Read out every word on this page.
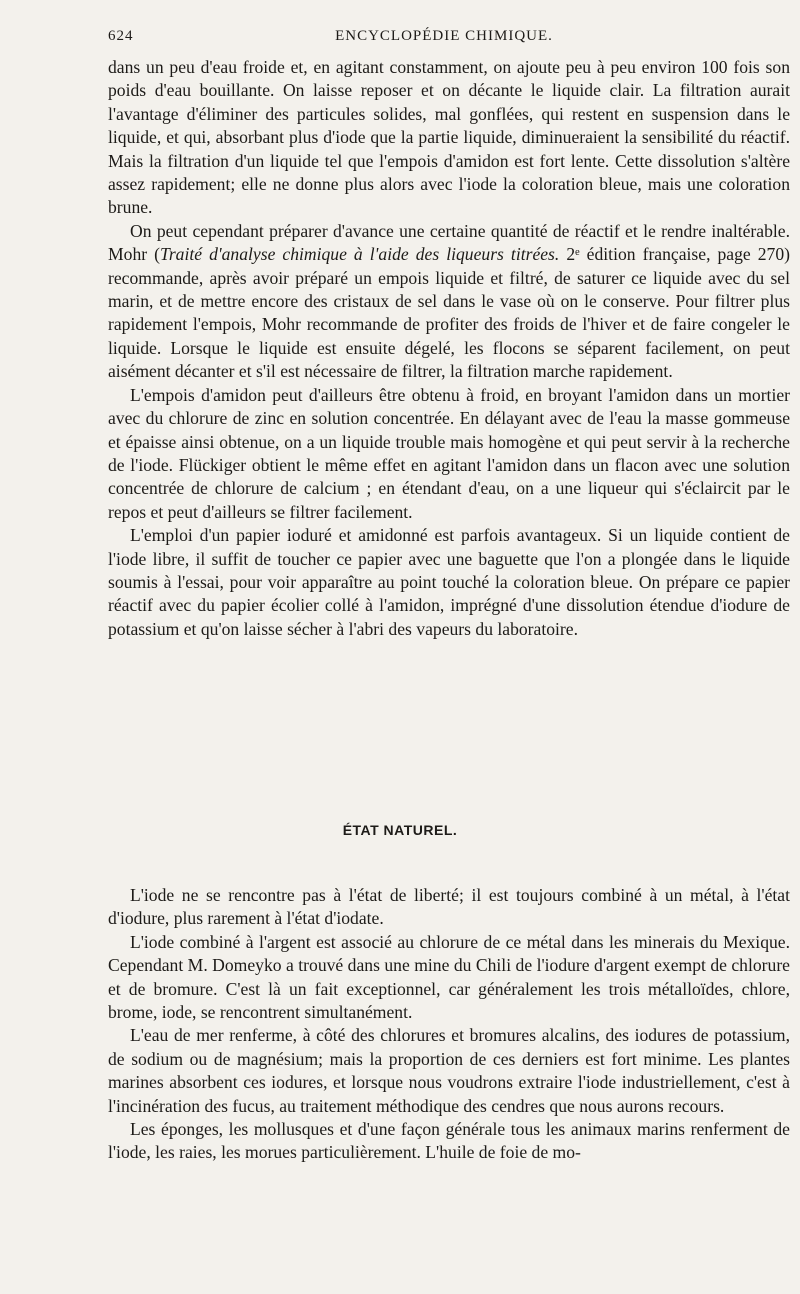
624	ENCYCLOPÉDIE CHIMIQUE.

dans un peu d'eau froide et, en agitant constamment, on ajoute peu à peu environ 100 fois son poids d'eau bouillante. On laisse reposer et on décante le liquide clair. La filtration aurait l'avantage d'éliminer des particules solides, mal gonflées, qui restent en suspension dans le liquide, et qui, absorbant plus d'iode que la partie liquide, diminueraient la sensibilité du réactif. Mais la filtration d'un liquide tel que l'empois d'amidon est fort lente. Cette dissolution s'altère assez rapidement; elle ne donne plus alors avec l'iode la coloration bleue, mais une coloration brune.

On peut cependant préparer d'avance une certaine quantité de réactif et le rendre inaltérable. Mohr (Traité d'analyse chimique à l'aide des liqueurs titrées. 2ᵉ édition française, page 270) recommande, après avoir préparé un empois liquide et filtré, de saturer ce liquide avec du sel marin, et de mettre encore des cristaux de sel dans le vase où on le conserve. Pour filtrer plus rapidement l'empois, Mohr recommande de profiter des froids de l'hiver et de faire congeler le liquide. Lorsque le liquide est ensuite dégelé, les flocons se séparent facilement, on peut aisément décanter et s'il est nécessaire de filtrer, la filtration marche rapidement.

L'empois d'amidon peut d'ailleurs être obtenu à froid, en broyant l'amidon dans un mortier avec du chlorure de zinc en solution concentrée. En délayant avec de l'eau la masse gommeuse et épaisse ainsi obtenue, on a un liquide trouble mais homogène et qui peut servir à la recherche de l'iode. Flückiger obtient le même effet en agitant l'amidon dans un flacon avec une solution concentrée de chlorure de calcium ; en étendant d'eau, on a une liqueur qui s'éclaircit par le repos et peut d'ailleurs se filtrer facilement.

L'emploi d'un papier ioduré et amidonné est parfois avantageux. Si un liquide contient de l'iode libre, il suffit de toucher ce papier avec une baguette que l'on a plongée dans le liquide soumis à l'essai, pour voir apparaître au point touché la coloration bleue. On prépare ce papier réactif avec du papier écolier collé à l'amidon, imprégné d'une dissolution étendue d'iodure de potassium et qu'on laisse sécher à l'abri des vapeurs du laboratoire.

ÉTAT NATUREL.

L'iode ne se rencontre pas à l'état de liberté; il est toujours combiné à un métal, à l'état d'iodure, plus rarement à l'état d'iodate.

L'iode combiné à l'argent est associé au chlorure de ce métal dans les minerais du Mexique. Cependant M. Domeyko a trouvé dans une mine du Chili de l'iodure d'argent exempt de chlorure et de bromure. C'est là un fait exceptionnel, car généralement les trois métalloïdes, chlore, brome, iode, se rencontrent simultanément.

L'eau de mer renferme, à côté des chlorures et bromures alcalins, des iodures de potassium, de sodium ou de magnésium; mais la proportion de ces derniers est fort minime. Les plantes marines absorbent ces iodures, et lorsque nous voudrons extraire l'iode industriellement, c'est à l'incinération des fucus, au traitement méthodique des cendres que nous aurons recours.

Les éponges, les mollusques et d'une façon générale tous les animaux marins renferment de l'iode, les raies, les morues particulièrement. L'huile de foie de mo-
